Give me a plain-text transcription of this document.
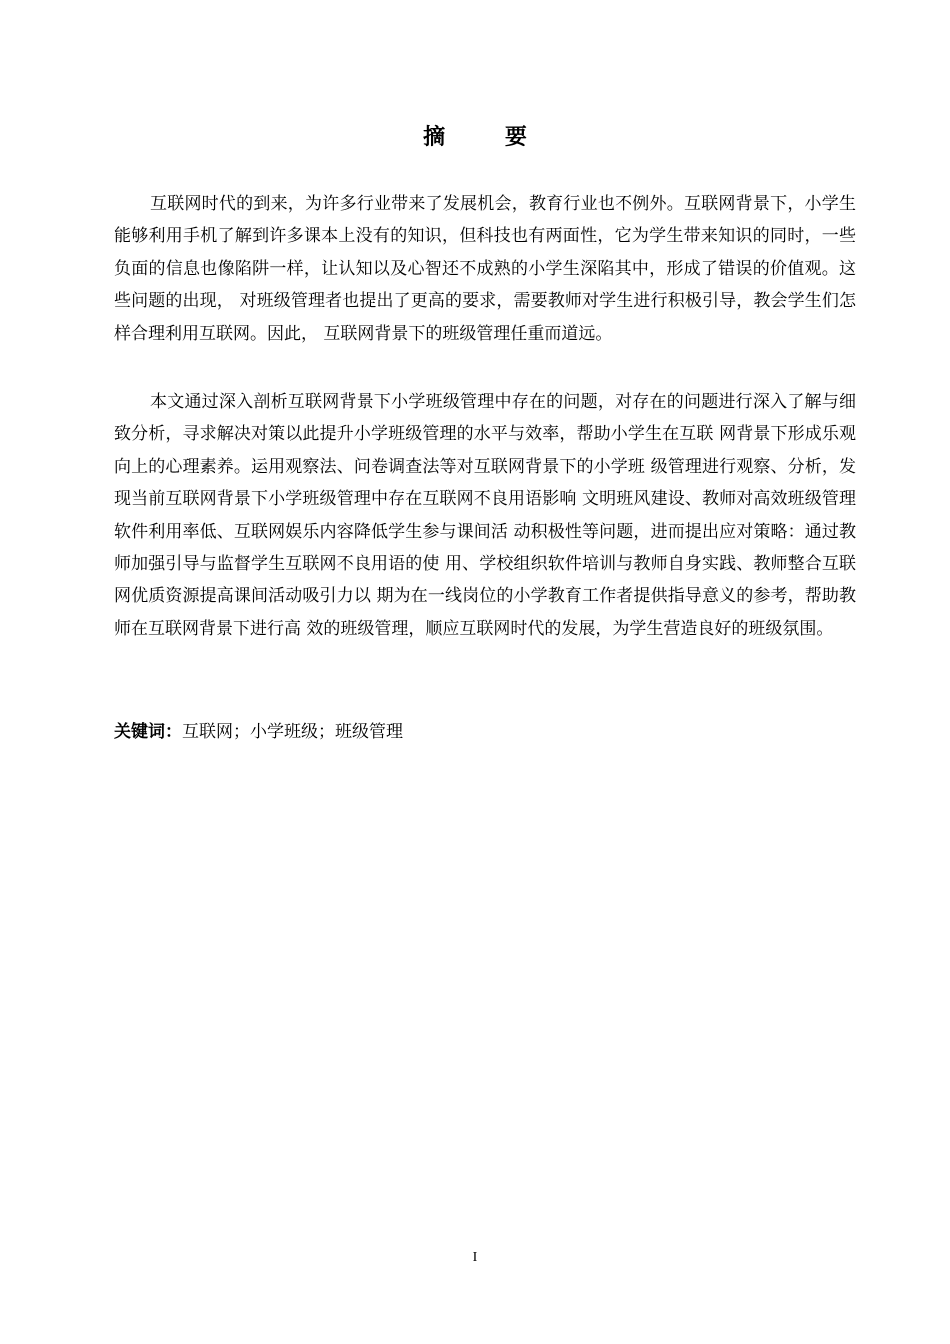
摘 要

互联网时代的到来，为许多行业带来了发展机会，教育行业也不例外。互联网背景下，小学生能够利用手机了解到许多课本上没有的知识，但科技也有两面性，它为学生带来知识的同时，一些负面的信息也像陷阱一样，让认知以及心智还不成熟的小学生深陷其中，形成了错误的价值观。这些问题的出现， 对班级管理者也提出了更高的要求，需要教师对学生进行积极引导，教会学生们怎样合理利用互联网。因此， 互联网背景下的班级管理任重而道远。

本文通过深入剖析互联网背景下小学班级管理中存在的问题，对存在的问题进行深入了解与细致分析，寻求解决对策以此提升小学班级管理的水平与效率，帮助小学生在互联 网背景下形成乐观向上的心理素养。运用观察法、问卷调查法等对互联网背景下的小学班 级管理进行观察、分析，发现当前互联网背景下小学班级管理中存在互联网不良用语影响 文明班风建设、教师对高效班级管理软件利用率低、互联网娱乐内容降低学生参与课间活 动积极性等问题，进而提出应对策略：通过教师加强引导与监督学生互联网不良用语的使 用、学校组织软件培训与教师自身实践、教师整合互联网优质资源提高课间活动吸引力以 期为在一线岗位的小学教育工作者提供指导意义的参考，帮助教师在互联网背景下进行高 效的班级管理，顺应互联网时代的发展，为学生营造良好的班级氛围。

关键词：互联网；小学班级；班级管理
I
